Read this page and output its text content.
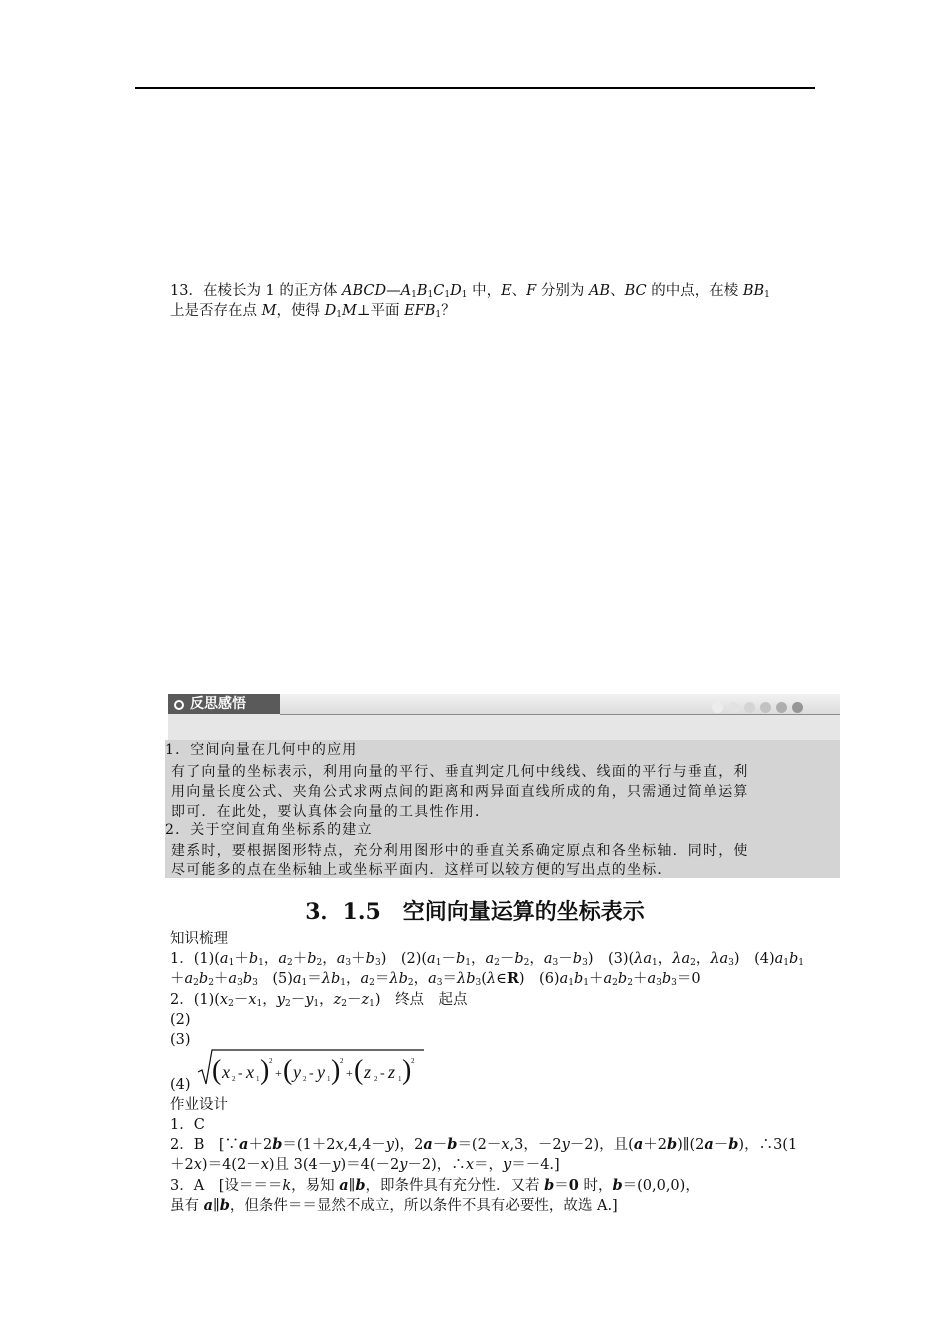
13．在棱长为 1 的正方体 $ABCD—A_1B_1C_1D_1$ 中，E、F 分别为 AB、BC 的中点，在棱 $BB_1$
上是否存在点 M，使得 $D_1M\perp$平面 $EFB_1$？
反思感悟
1．空间向量在几何中的应用
有了向量的坐标表示，利用向量的平行、垂直判定几何中线线、线面的平行与垂直，利
用向量长度公式、夹角公式求两点间的距离和两异面直线所成的角，只需通过简单运算
即可．在此处，要认真体会向量的工具性作用．
2．关于空间直角坐标系的建立
建系时，要根据图形特点，充分利用图形中的垂直关系确定原点和各坐标轴．同时，使
尽可能多的点在坐标轴上或坐标平面内．这样可以较方便的写出点的坐标．
3．1.5　空间向量运算的坐标表示
知识梳理
1．$(1)(a_1+b_1$，$a_2+b_2$，$a_3+b_3$)　$(2)(a_1-b_1$，$a_2-b_2$，$a_3-b_3$)　$(3)(\lambda a_1$，$\lambda a_2$，$\lambda a_3$)　$(4)a_1b_1$
$+a_2b_2+a_3b_3$　$(5)a_1=\lambda b_1$，$a_2=\lambda b_2$，$a_3=\lambda b_3(\lambda\in R)$　$(6)a_1b_1+a_2b_2+a_3b_3=0$
2．$(1)(x_2-x_1$，$y_2-y_1$，$z_2-z_1$)　终点　起点
(2)
(3)
(4) ( x 2 - x 1 ) 2
+ ( y 2 - y 1 ) 2
+ ( z 2 - z 1 ) 2
作业设计
1．C
2．B　[∵a＋2b＝(1＋2x,4,4－y)，2a－b＝(2－x,3，－2y－2)，且(a＋2b)∥(2a－b)，∴3(1
＋2x)＝4(2－x)且 3(4－y)＝4(－2y－2)，∴x＝，y＝－4.]
3．A　[设＝＝＝k，易知 a∥b，即条件具有充分性．又若 b＝0 时，b＝(0,0,0)，
虽有 a∥b，但条件＝＝显然不成立，所以条件不具有必要性，故选 A.]
